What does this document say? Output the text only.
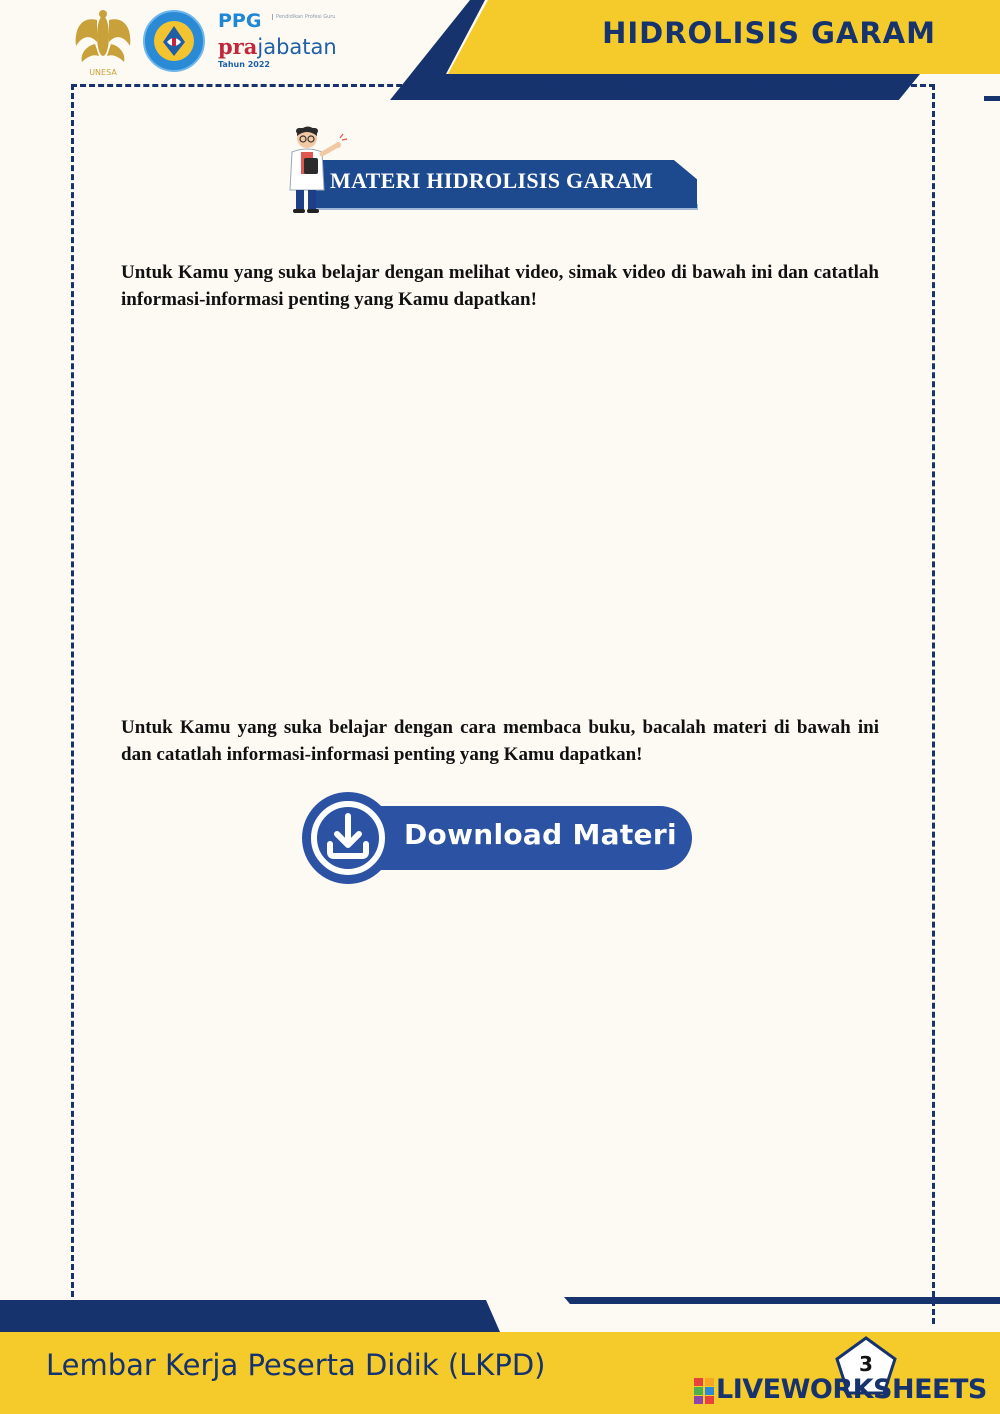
HIDROLISIS GARAM
UNESA
PPG	Pendidikan Profesi Guru
prajabatan
Tahun 2022
MATERI HIDROLISIS GARAM
Untuk Kamu yang suka belajar dengan melihat video, simak video di bawah ini dan catatlah informasi-informasi penting yang Kamu dapatkan!
Untuk Kamu yang suka belajar dengan cara membaca buku, bacalah materi di bawah ini dan catatlah informasi-informasi penting yang Kamu dapatkan!
Download Materi
Lembar Kerja Peserta Didik (LKPD)	3
LIVEWORKSHEETS
